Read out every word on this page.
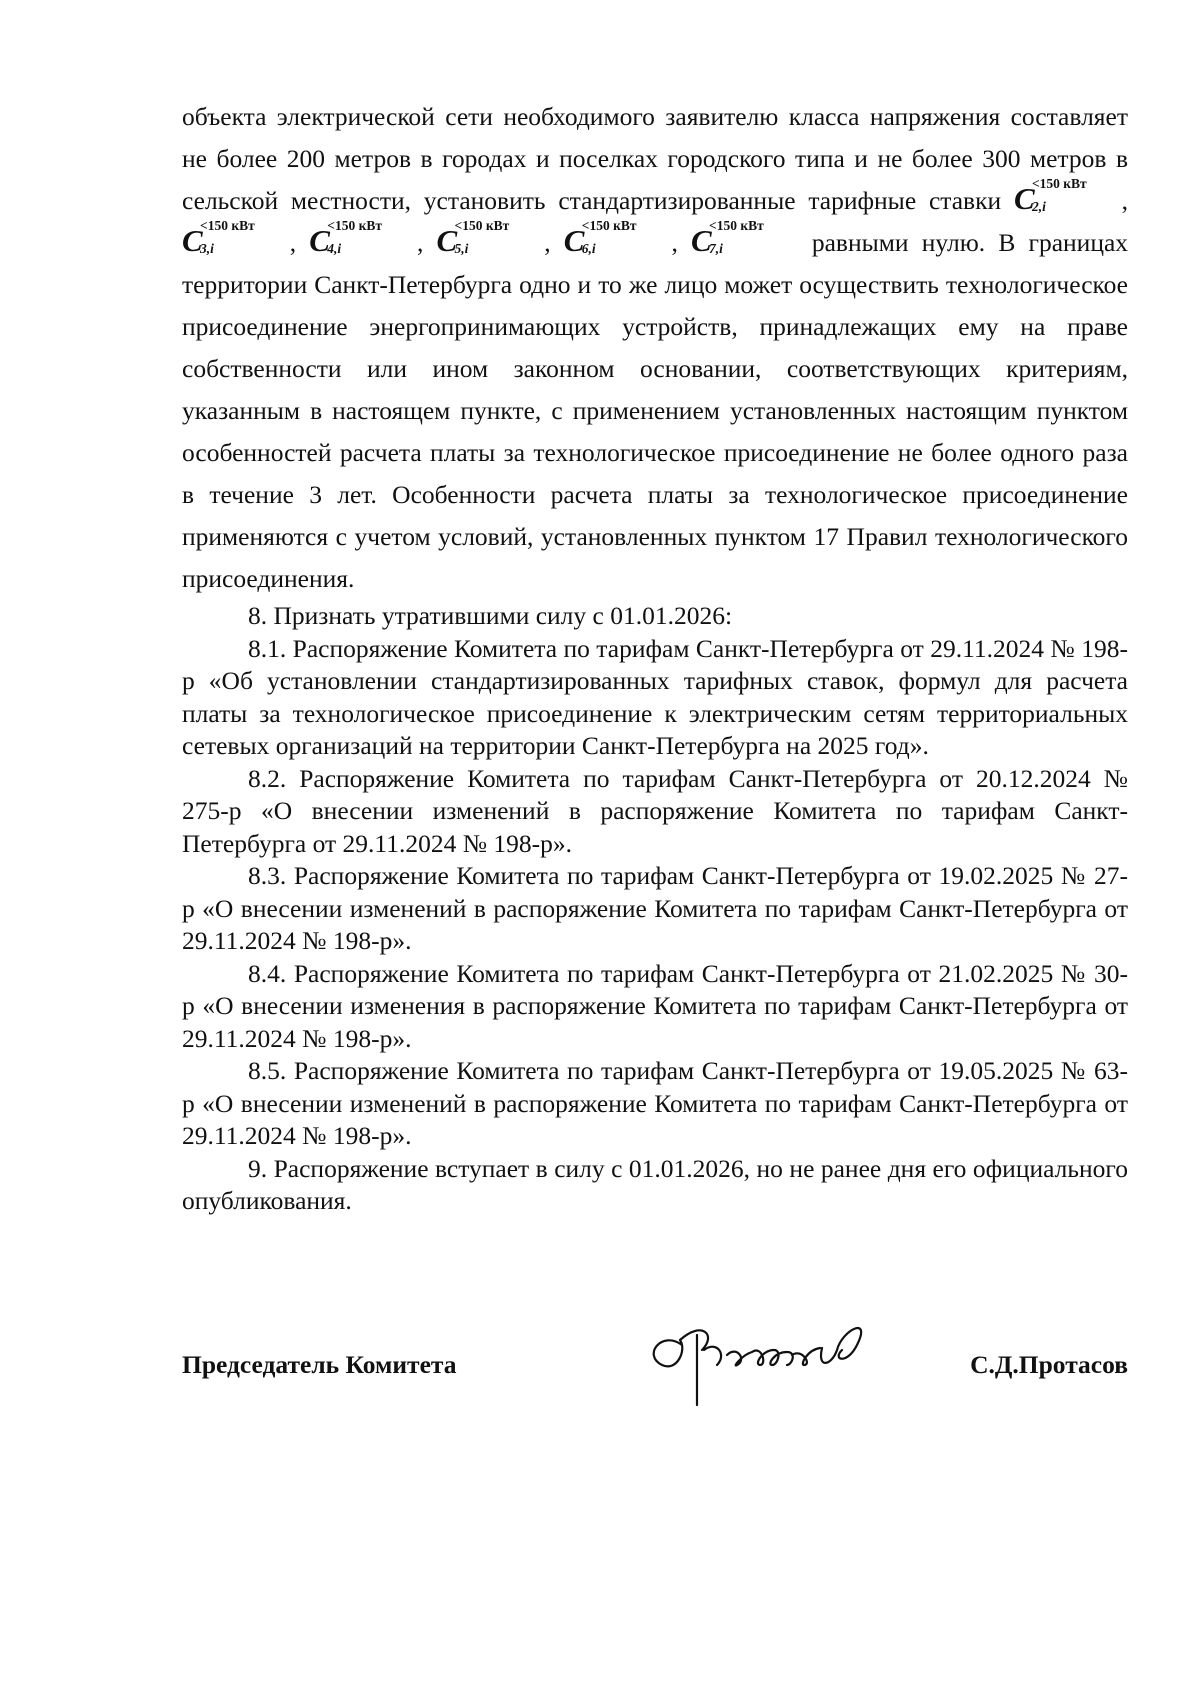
объекта электрической сети необходимого заявителю класса напряжения составляет не более 200 метров в городах и поселках городского типа и не более 300 метров в сельской местности, установить стандартизированные тарифные ставки C
<150 кВт
2,i	, C
<150 кВт
3,i	, C
<150 кВт
4,i	, C
<150 кВт
5,i	, C
<150 кВт
6,i	, C
<150 кВт
7,i	равными нулю. В границах территории Санкт-Петербурга одно и то же лицо может осуществить технологическое присоединение энергопринимающих устройств, принадлежащих ему на праве собственности или ином законном основании, соответствующих критериям, указанным в настоящем пункте, с применением установленных настоящим пунктом особенностей расчета платы за технологическое присоединение не более одного раза в течение 3 лет. Особенности расчета платы за технологическое присоединение применяются с учетом условий, установленных пунктом 17 Правил технологического присоединения.

8. Признать утратившими силу с 01.01.2026:

8.1. Распоряжение Комитета по тарифам Санкт-Петербурга от 29.11.2024 № 198-р «Об установлении стандартизированных тарифных ставок, формул для расчета платы за технологическое присоединение к электрическим сетям территориальных сетевых организаций на территории Санкт-Петербурга на 2025 год».

8.2. Распоряжение Комитета по тарифам Санкт-Петербурга от 20.12.2024 № 275-р «О внесении изменений в распоряжение Комитета по тарифам Санкт-Петербурга от 29.11.2024 № 198-р».

8.3. Распоряжение Комитета по тарифам Санкт-Петербурга от 19.02.2025 № 27-р «О внесении изменений в распоряжение Комитета по тарифам Санкт-Петербурга от 29.11.2024 № 198-р».

8.4. Распоряжение Комитета по тарифам Санкт-Петербурга от 21.02.2025 № 30-р «О внесении изменения в распоряжение Комитета по тарифам Санкт-Петербурга от 29.11.2024 № 198-р».

8.5. Распоряжение Комитета по тарифам Санкт-Петербурга от 19.05.2025 № 63-р «О внесении изменений в распоряжение Комитета по тарифам Санкт-Петербурга от 29.11.2024 № 198-р».

9. Распоряжение вступает в силу с 01.01.2026, но не ранее дня его официального опубликования.

Председатель Комитета	С.Д.Протасов
